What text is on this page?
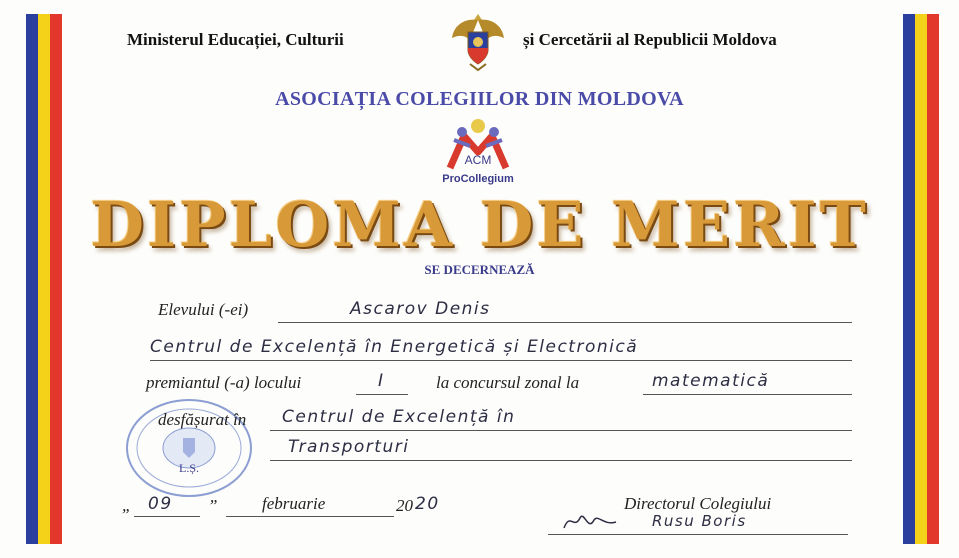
Ministerul Educației, Culturii	și Cercetării al Republicii Moldova
ASOCIAȚIA COLEGIILOR DIN MOLDOVA
ACM
ProCollegium
DIPLOMA DE MERIT
SE DECERNEAZĂ
Elevului (-ei)	Ascarov Denis
Centrul de Excelență în Energetică și Electronică
premiantul (-a) locului	I	la concursul zonal la	matematică
L.Ș.
desfășurat în Centrul de Excelență în
Transporturi
„ 09 ”	februarie	20 20	Directorul Colegiului
Rusu Boris
